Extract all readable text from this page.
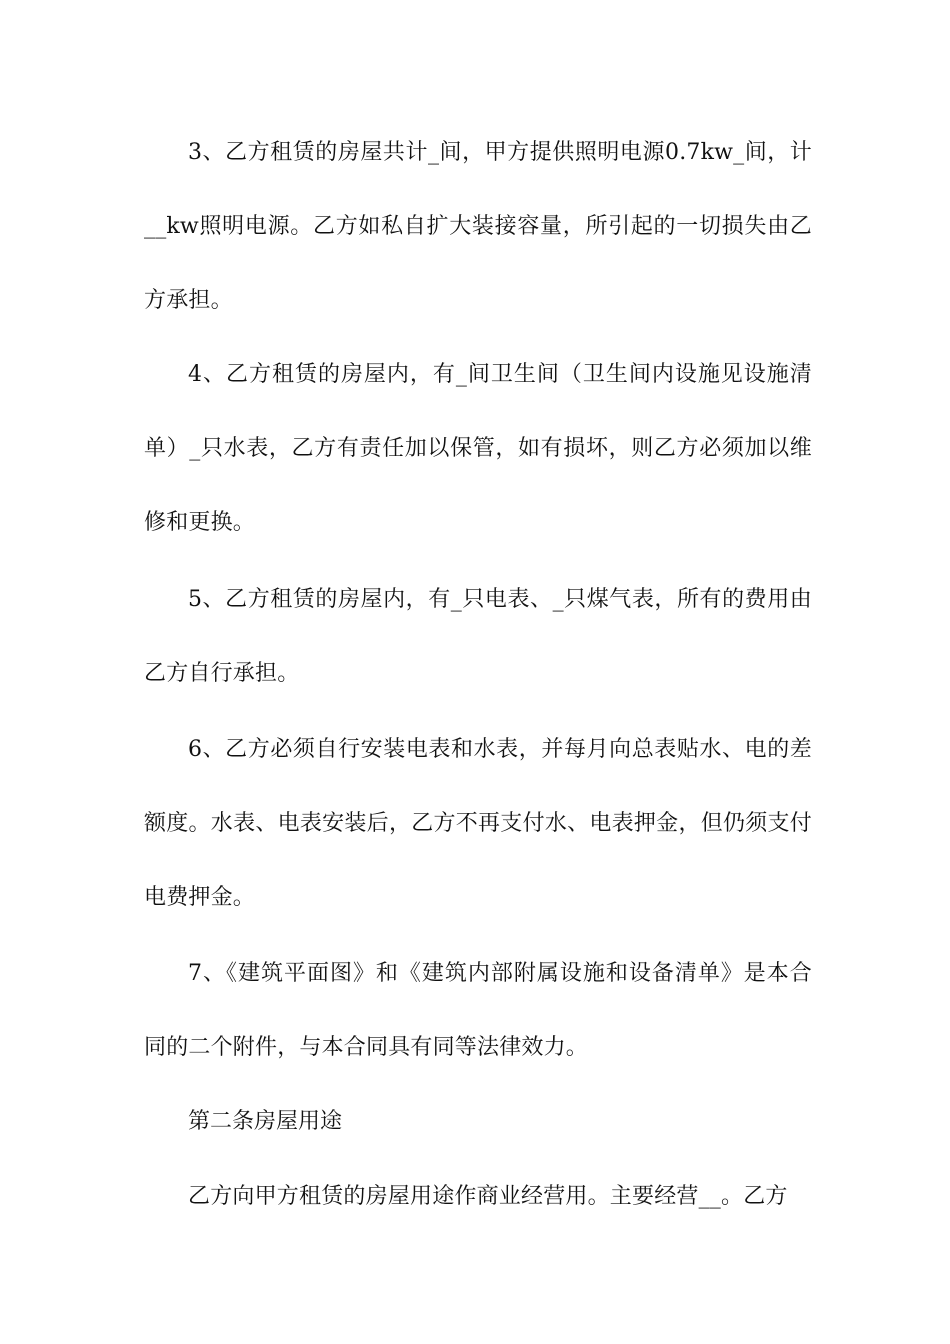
3、乙方租赁的房屋共计_间，甲方提供照明电源0.7kw_间，计__kw照明电源。乙方如私自扩大装接容量，所引起的一切损失由乙方承担。

4、乙方租赁的房屋内，有_间卫生间（卫生间内设施见设施清单）_只水表，乙方有责任加以保管，如有损坏，则乙方必须加以维修和更换。

5、乙方租赁的房屋内，有_只电表、_只煤气表，所有的费用由乙方自行承担。

6、乙方必须自行安装电表和水表，并每月向总表贴水、电的差额度。水表、电表安装后，乙方不再支付水、电表押金，但仍须支付电费押金。

7、《建筑平面图》和《建筑内部附属设施和设备清单》是本合同的二个附件，与本合同具有同等法律效力。

第二条房屋用途

乙方向甲方租赁的房屋用途作商业经营用。主要经营__。乙方
